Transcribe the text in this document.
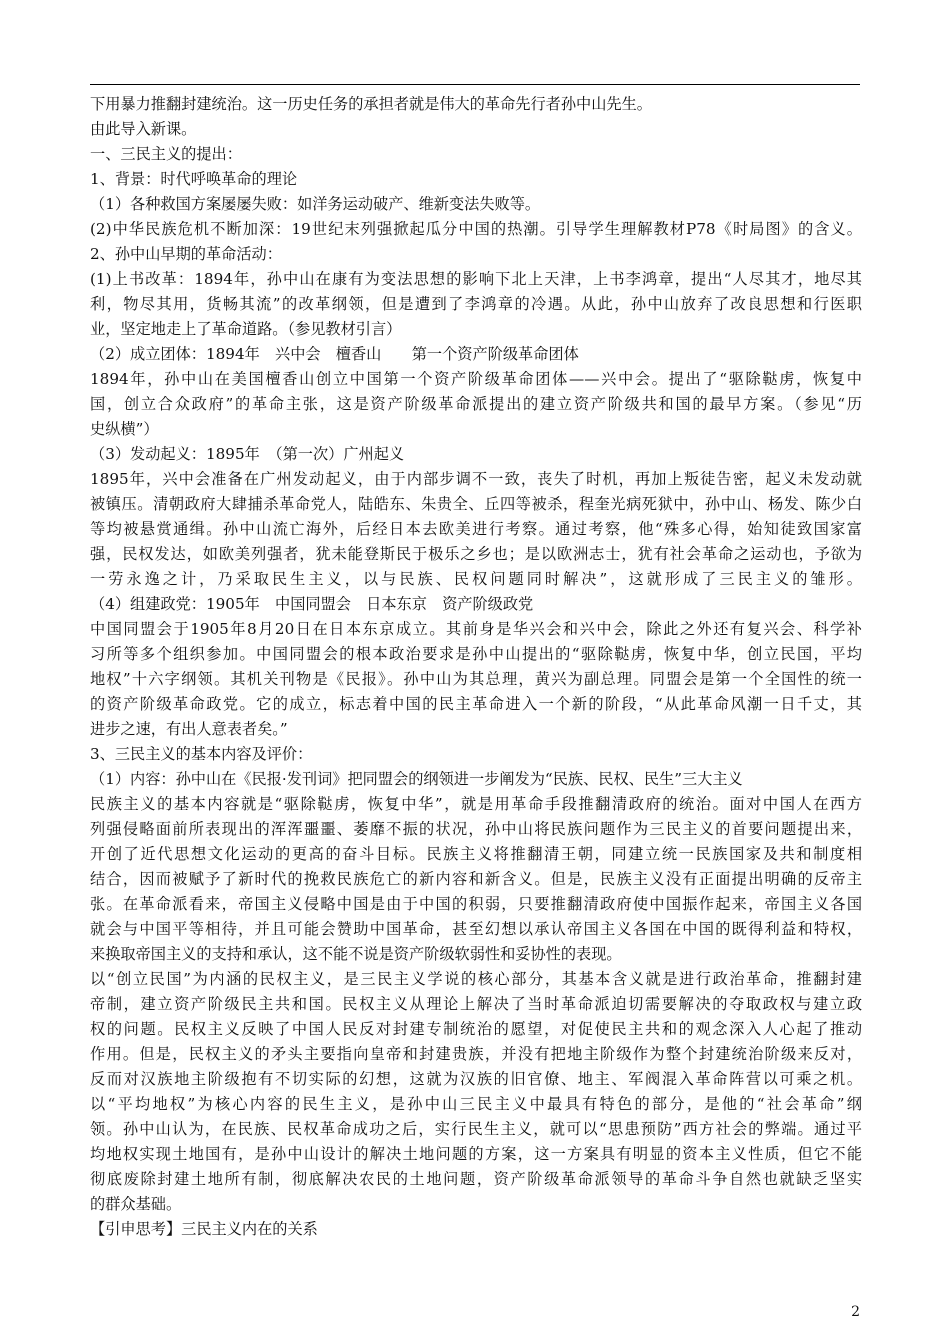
下用暴力推翻封建统治。这一历史任务的承担者就是伟大的革命先行者孙中山先生。
由此导入新课。
一、三民主义的提出：
1、背景：时代呼唤革命的理论
（1）各种救国方案屡屡失败：如洋务运动破产、维新变法失败等。
(2)中华民族危机不断加深：19世纪末列强掀起瓜分中国的热潮。引导学生理解教材P78《时局图》的含义。
2、孙中山早期的革命活动：
(1)上书改革：1894年，孙中山在康有为变法思想的影响下北上天津，上书李鸿章，提出“人尽其才，地尽其
利，物尽其用，货畅其流”的改革纲领，但是遭到了李鸿章的冷遇。从此，孙中山放弃了改良思想和行医职
业，坚定地走上了革命道路。（参见教材引言）
（2）成立团体：1894年　兴中会　檀香山　　第一个资产阶级革命团体
1894年，孙中山在美国檀香山创立中国第一个资产阶级革命团体——兴中会。提出了“驱除鞑虏，恢复中
国，创立合众政府”的革命主张，这是资产阶级革命派提出的建立资产阶级共和国的最早方案。（参见“历
史纵横”）
（3）发动起义：1895年　（第一次）广州起义
1895年，兴中会准备在广州发动起义，由于内部步调不一致，丧失了时机，再加上叛徒告密，起义未发动就
被镇压。清朝政府大肆捕杀革命党人，陆皓东、朱贵全、丘四等被杀，程奎光病死狱中，孙中山、杨发、陈少白
等均被悬赏通缉。孙中山流亡海外，后经日本去欧美进行考察。通过考察，他“殊多心得，始知徒致国家富
强，民权发达，如欧美列强者，犹未能登斯民于极乐之乡也；是以欧洲志士，犹有社会革命之运动也，予欲为
一劳永逸之计，乃采取民生主义，以与民族、民权问题同时解决”，这就形成了三民主义的雏形。
（4）组建政党：1905年　中国同盟会　日本东京　资产阶级政党
中国同盟会于1905年8月20日在日本东京成立。其前身是华兴会和兴中会，除此之外还有复兴会、科学补
习所等多个组织参加。中国同盟会的根本政治要求是孙中山提出的“驱除鞑虏，恢复中华，创立民国，平均
地权”十六字纲领。其机关刊物是《民报》。孙中山为其总理，黄兴为副总理。同盟会是第一个全国性的统一
的资产阶级革命政党。它的成立，标志着中国的民主革命进入一个新的阶段，“从此革命风潮一日千丈，其
进步之速，有出人意表者矣。”
3、三民主义的基本内容及评价：
（1）内容：孙中山在《民报·发刊词》把同盟会的纲领进一步阐发为“民族、民权、民生”三大主义
民族主义的基本内容就是“驱除鞑虏，恢复中华”，就是用革命手段推翻清政府的统治。面对中国人在西方
列强侵略面前所表现出的浑浑噩噩、萎靡不振的状况，孙中山将民族问题作为三民主义的首要问题提出来，
开创了近代思想文化运动的更高的奋斗目标。民族主义将推翻清王朝，同建立统一民族国家及共和制度相
结合，因而被赋予了新时代的挽救民族危亡的新内容和新含义。但是，民族主义没有正面提出明确的反帝主
张。在革命派看来，帝国主义侵略中国是由于中国的积弱，只要推翻清政府使中国振作起来，帝国主义各国
就会与中国平等相待，并且可能会赞助中国革命，甚至幻想以承认帝国主义各国在中国的既得利益和特权，
来换取帝国主义的支持和承认，这不能不说是资产阶级软弱性和妥协性的表现。
以“创立民国”为内涵的民权主义，是三民主义学说的核心部分，其基本含义就是进行政治革命，推翻封建
帝制，建立资产阶级民主共和国。民权主义从理论上解决了当时革命派迫切需要解决的夺取政权与建立政
权的问题。民权主义反映了中国人民反对封建专制统治的愿望，对促使民主共和的观念深入人心起了推动
作用。但是，民权主义的矛头主要指向皇帝和封建贵族，并没有把地主阶级作为整个封建统治阶级来反对，
反而对汉族地主阶级抱有不切实际的幻想，这就为汉族的旧官僚、地主、军阀混入革命阵营以可乘之机。
以“平均地权”为核心内容的民生主义，是孙中山三民主义中最具有特色的部分，是他的“社会革命”纲
领。孙中山认为，在民族、民权革命成功之后，实行民生主义，就可以“思患预防”西方社会的弊端。通过平
均地权实现土地国有，是孙中山设计的解决土地问题的方案，这一方案具有明显的资本主义性质，但它不能
彻底废除封建土地所有制，彻底解决农民的土地问题，资产阶级革命派领导的革命斗争自然也就缺乏坚实
的群众基础。
【引申思考】三民主义内在的关系
2
